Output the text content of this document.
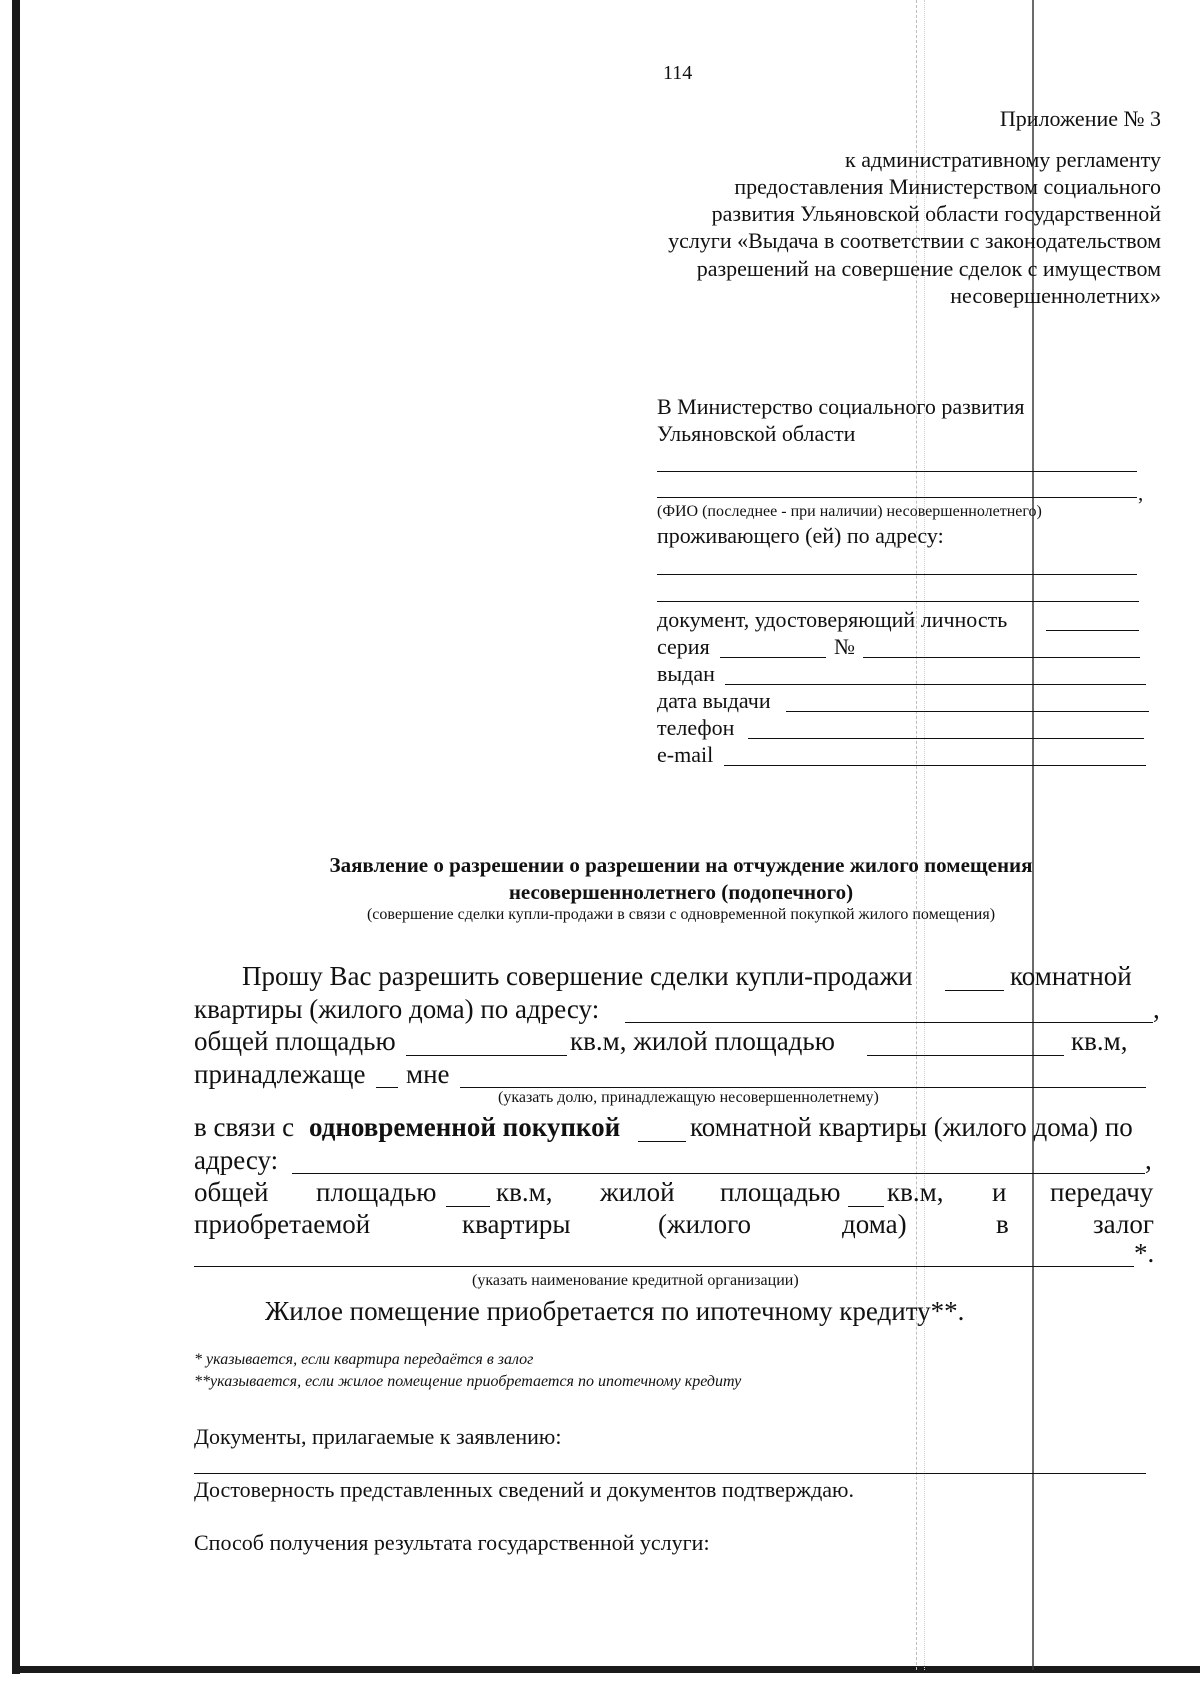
114
Приложение № 3
к административному регламенту
предоставления Министерством социального
развития Ульяновской области государственной
услуги «Выдача в соответствии с законодательством
разрешений на совершение сделок с имуществом
несовершеннолетних»
В Министерство социального развития
Ульяновской области
,
(ФИО (последнее - при наличии) несовершеннолетнего)
проживающего (ей) по адресу:
документ, удостоверяющий личность
серия	№
выдан
дата выдачи
телефон
e-mail
Заявление о разрешении о разрешении на отчуждение жилого помещения
несовершеннолетнего (подопечного)
(совершение сделки купли-продажи в связи с одновременной покупкой жилого помещения)
Прошу Вас разрешить совершение сделки купли-продажи	комнатной
квартиры (жилого дома) по адресу:	,
общей площадью	кв.м, жилой площадью	кв.м,
принадлежаще мне
(указать долю, принадлежащую несовершеннолетнему)
в связи с одновременной покупкой	комнатной квартиры (жилого дома) по
адресу:	,
общей площадью кв.м, жилой площадью кв.м, и передачу
приобретаемой	квартиры	(жилого	дома)	в	залог
*.
(указать наименование кредитной организации)
Жилое помещение приобретается по ипотечному кредиту**.
* указывается, если квартира передаётся в залог
**указывается, если жилое помещение приобретается по ипотечному кредиту
Документы, прилагаемые к заявлению:
Достоверность представленных сведений и документов подтверждаю.
Способ получения результата государственной услуги:
